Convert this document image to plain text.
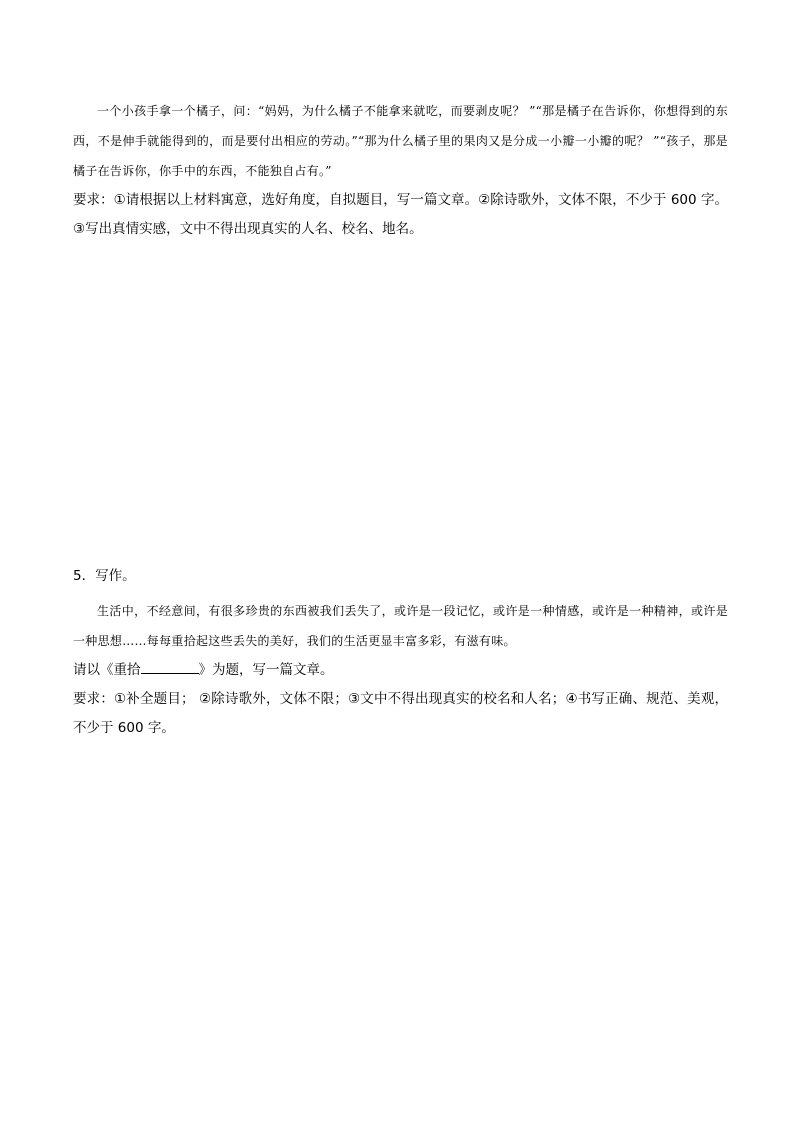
一个小孩手拿一个橘子，问：“妈妈，为什么橘子不能拿来就吃，而要剥皮呢？ ”“那是橘子在告诉你，你想得到的东西，不是伸手就能得到的，而是要付出相应的劳动。”“那为什么橘子里的果肉又是分成一小瓣一小瓣的呢？ ”“孩子，那是橘子在告诉你，你手中的东西，不能独自占有。”

要求：①请根据以上材料寓意，选好角度，自拟题目，写一篇文章。②除诗歌外，文体不限，不少于 600 字。③写出真情实感，文中不得出现真实的人名、校名、地名。

5．写作。

生活中，不经意间，有很多珍贵的东西被我们丢失了，或许是一段记忆，或许是一种情感，或许是一种精神，或许是一种思想……每每重拾起这些丢失的美好，我们的生活更显丰富多彩，有滋有味。

请以《重拾	》为题，写一篇文章。

要求：①补全题目； ②除诗歌外，文体不限；③文中不得出现真实的校名和人名；④书写正确、规范、美观，不少于 600 字。
